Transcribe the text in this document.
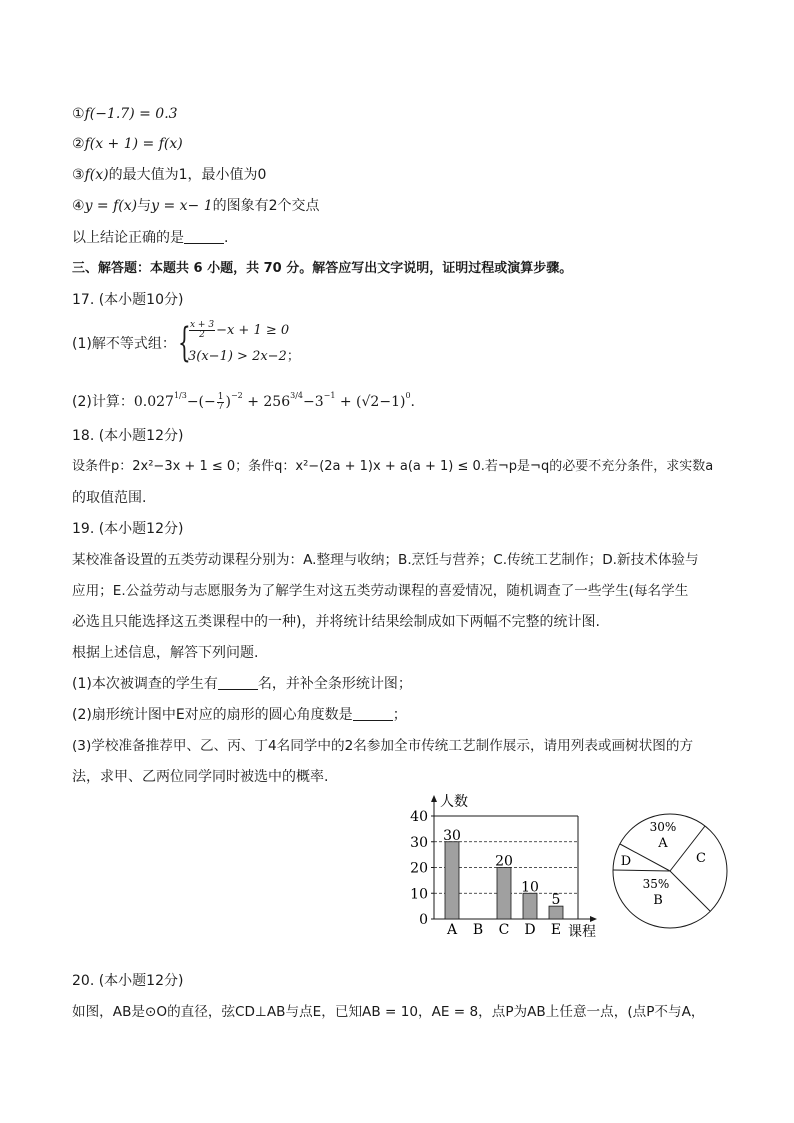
①f(−1.7) = 0.3
②f(x + 1) = f(x)
③f(x)的最大值为1，最小值为0
④y = f(x)与y = x− 1的图象有2个交点
以上结论正确的是	.
三、解答题：本题共 6 小题，共 70 分。解答应写出文字说明，证明过程或演算步骤。
17. (本小题10分)
(1)解不等式组： {
$\frac{x + 3}{2} -x + 1 \ge 0$
3(x−1) > 2x−2；
(2)计算：$0.027^{1/3}-(- \frac{1}{7} )^{-2} + 256^{3/4}-3^{-1} + (√2-1)^0$.
18. (本小题12分)
设条件p：2x²−3x + 1 ≤ 0；条件q：x²−(2a + 1)x + a(a + 1) ≤ 0.若¬p是¬q的必要不充分条件，求实数a
的取值范围.
19. (本小题12分)
某校准备设置的五类劳动课程分别为：A.整理与收纳；B.烹饪与营养；C.传统工艺制作；D.新技术体验与
应用；E.公益劳动与志愿服务为了解学生对这五类劳动课程的喜爱情况，随机调查了一些学生(每名学生
必选且只能选择这五类课程中的一种)，并将统计结果绘制成如下两幅不完整的统计图.
根据上述信息，解答下列问题.
(1)本次被调查的学生有	名，并补全条形统计图；
(2)扇形统计图中E对应的扇形的圆心角度数是	；
(3)学校准备推荐甲、乙、丙、丁4名同学中的2名参加全市传统工艺制作展示，请用列表或画树状图的方
法，求甲、乙两位同学同时被选中的概率.
0
10
20
30
40
人数
课程
A
30
B C
20
D
10
E
5
30%
A
C
35%
B
D
20. (本小题12分)
如图，AB是⊙O的直径，弦CD⊥AB与点E，已知AB = 10，AE = 8，点P为AB上任意一点，(点P不与A，
